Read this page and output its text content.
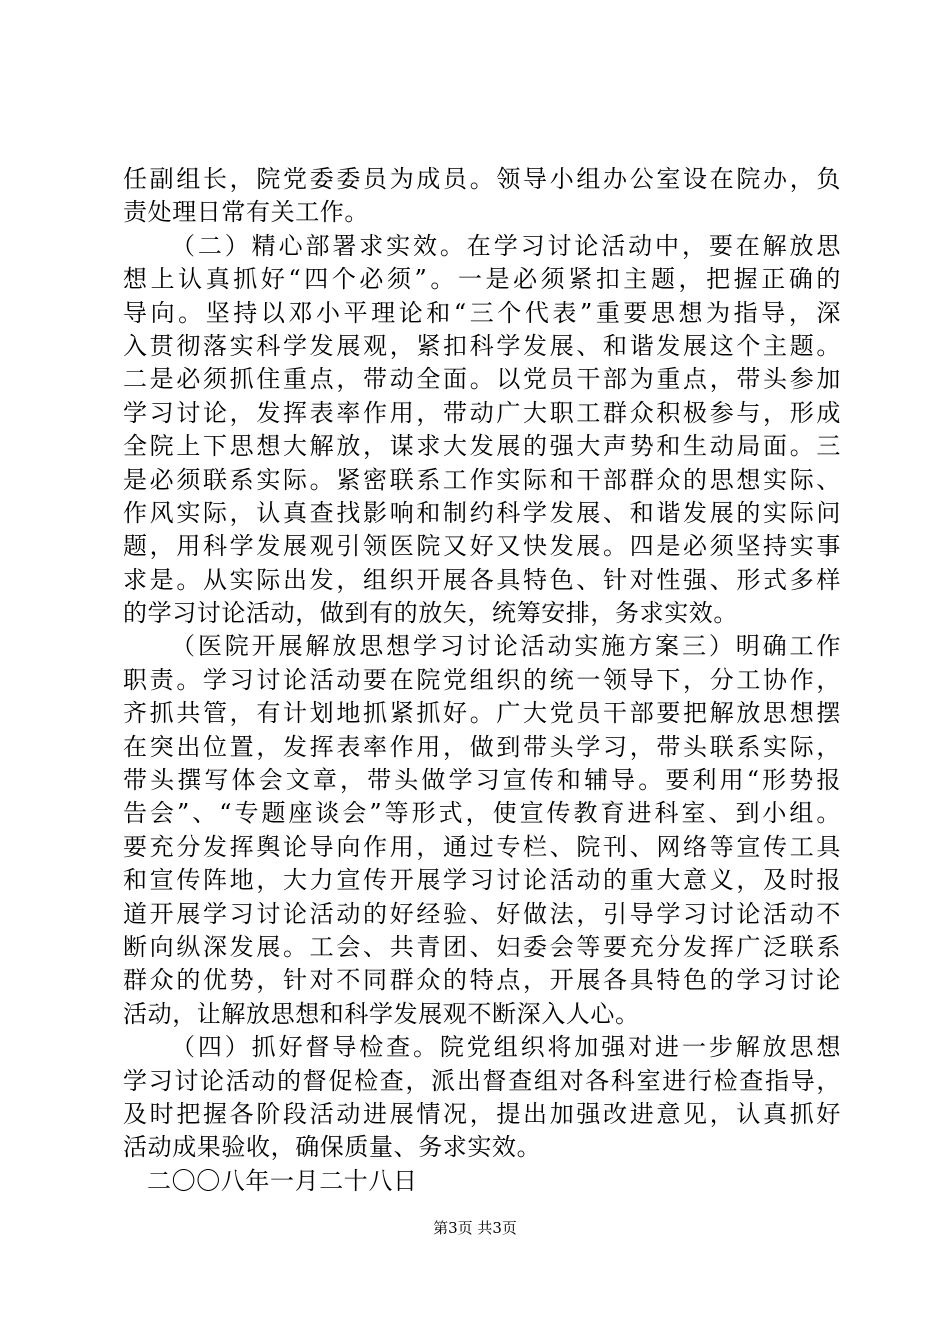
任副组长，院党委委员为成员。领导小组办公室设在院办，负
责处理日常有关工作。
（二）精心部署求实效。在学习讨论活动中，要在解放思
想上认真抓好“四个必须”。一是必须紧扣主题，把握正确的
导向。坚持以邓小平理论和“三个代表”重要思想为指导，深
入贯彻落实科学发展观，紧扣科学发展、和谐发展这个主题。
二是必须抓住重点，带动全面。以党员干部为重点，带头参加
学习讨论，发挥表率作用，带动广大职工群众积极参与，形成
全院上下思想大解放，谋求大发展的强大声势和生动局面。三
是必须联系实际。紧密联系工作实际和干部群众的思想实际、
作风实际，认真查找影响和制约科学发展、和谐发展的实际问
题，用科学发展观引领医院又好又快发展。四是必须坚持实事
求是。从实际出发，组织开展各具特色、针对性强、形式多样
的学习讨论活动，做到有的放矢，统筹安排，务求实效。
（医院开展解放思想学习讨论活动实施方案三）明确工作
职责。学习讨论活动要在院党组织的统一领导下，分工协作，
齐抓共管，有计划地抓紧抓好。广大党员干部要把解放思想摆
在突出位置，发挥表率作用，做到带头学习，带头联系实际，
带头撰写体会文章，带头做学习宣传和辅导。要利用“形势报
告会”、“专题座谈会”等形式，使宣传教育进科室、到小组。
要充分发挥舆论导向作用，通过专栏、院刊、网络等宣传工具
和宣传阵地，大力宣传开展学习讨论活动的重大意义，及时报
道开展学习讨论活动的好经验、好做法，引导学习讨论活动不
断向纵深发展。工会、共青团、妇委会等要充分发挥广泛联系
群众的优势，针对不同群众的特点，开展各具特色的学习讨论
活动，让解放思想和科学发展观不断深入人心。
（四）抓好督导检查。院党组织将加强对进一步解放思想
学习讨论活动的督促检查，派出督查组对各科室进行检查指导，
及时把握各阶段活动进展情况，提出加强改进意见，认真抓好
活动成果验收，确保质量、务求实效。
二〇〇八年一月二十八日
第3页 共3页
